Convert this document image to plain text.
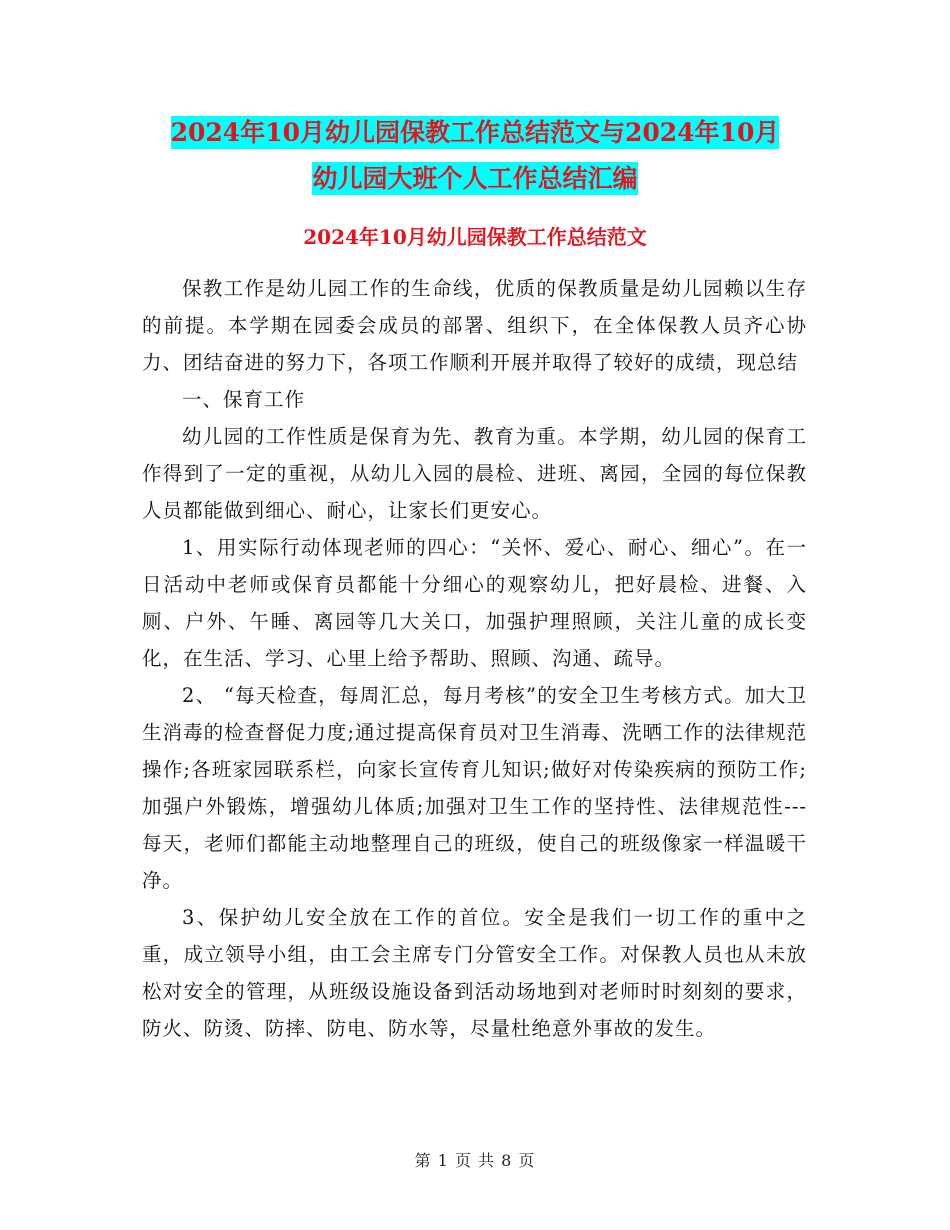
2024年10月幼儿园保教工作总结范文与2024年10月
幼儿园大班个人工作总结汇编
2024年10月幼儿园保教工作总结范文

保教工作是幼儿园工作的生命线，优质的保教质量是幼儿园赖以生存的前提。本学期在园委会成员的部署、组织下，在全体保教人员齐心协力、团结奋进的努力下，各项工作顺利开展并取得了较好的成绩，现总结

一、保育工作

幼儿园的工作性质是保育为先、教育为重。本学期，幼儿园的保育工作得到了一定的重视，从幼儿入园的晨检、进班、离园，全园的每位保教人员都能做到细心、耐心，让家长们更安心。

1、用实际行动体现老师的四心：“关怀、爱心、耐心、细心”。在一日活动中老师或保育员都能十分细心的观察幼儿，把好晨检、进餐、入厕、户外、午睡、离园等几大关口，加强护理照顾，关注儿童的成长变化，在生活、学习、心里上给予帮助、照顾、沟通、疏导。

2、 “每天检查，每周汇总，每月考核”的安全卫生考核方式。加大卫生消毒的检查督促力度;通过提高保育员对卫生消毒、洗晒工作的法律规范操作;各班家园联系栏，向家长宣传育儿知识;做好对传染疾病的预防工作;加强户外锻炼，增强幼儿体质;加强对卫生工作的坚持性、法律规范性---每天，老师们都能主动地整理自己的班级，使自己的班级像家一样温暖干净。

3、保护幼儿安全放在工作的首位。安全是我们一切工作的重中之重，成立领导小组，由工会主席专门分管安全工作。对保教人员也从未放松对安全的管理，从班级设施设备到活动场地到对老师时时刻刻的要求，防火、防烫、防摔、防电、防水等，尽量杜绝意外事故的发生。

第 1 页 共 8 页
